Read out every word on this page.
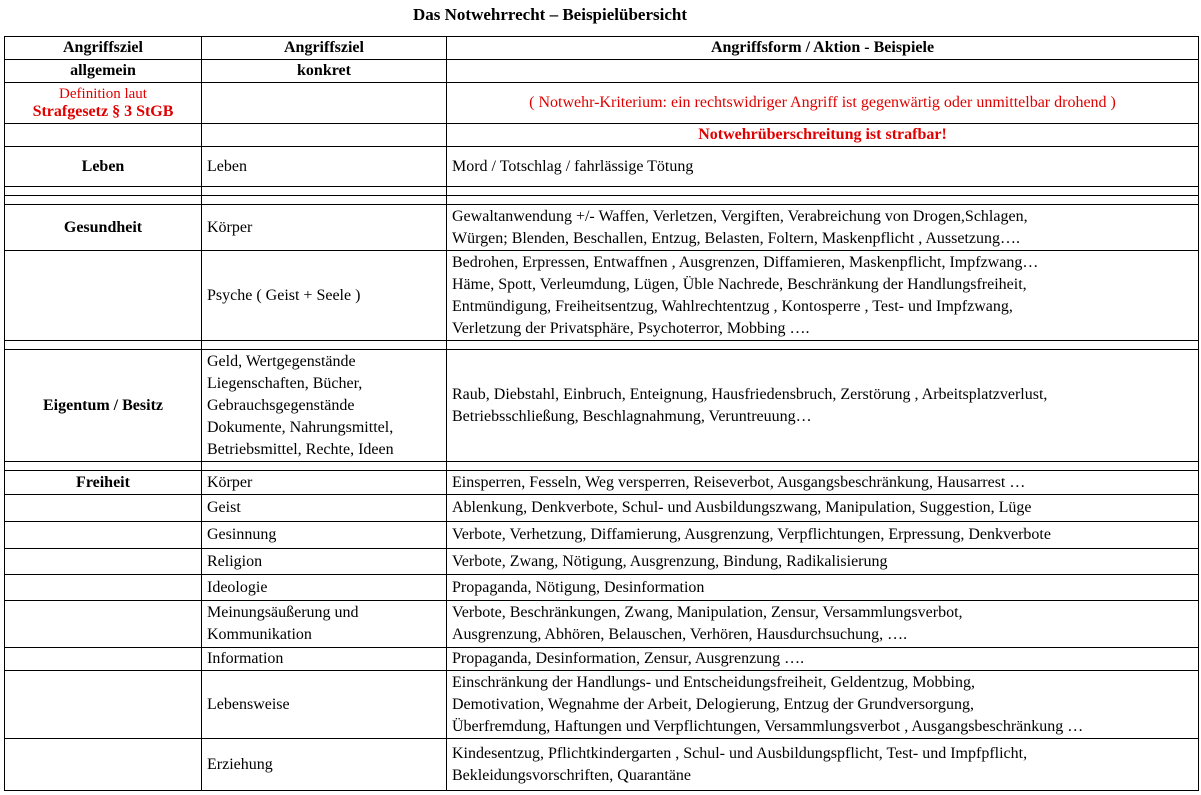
Das Notwehrrecht – Beispielübersicht
Angriffsziel	Angriffsziel	Angriffsform / Aktion - Beispiele
allgemein	konkret	

Definition laut
Strafgesetz § 3 StGB		( Notwehr-Kriterium: ein rechtswidriger Angriff ist gegenwärtig oder unmittelbar drohend )
		Notwehrüberschreitung ist strafbar!
Leben	Leben	Mord / Totschlag / fahrlässige Tötung

Gesundheit	Körper	Gewaltanwendung +/- Waffen, Verletzen, Vergiften, Verabreichung von Drogen,Schlagen,
Würgen; Blenden, Beschallen, Entzug, Belasten, Foltern, Maskenpflicht , Aussetzung….

	Psyche ( Geist + Seele )	Bedrohen, Erpressen, Entwaffnen , Ausgrenzen, Diffamieren, Maskenpflicht, Impfzwang…
Häme, Spott, Verleumdung, Lügen, Üble Nachrede, Beschränkung der Handlungsfreiheit,
Entmündigung, Freiheitsentzug, Wahlrechtentzug , Kontosperre , Test- und Impfzwang,
Verletzung der Privatsphäre, Psychoterror, Mobbing ….

Eigentum / Besitz	Geld, Wertgegenstände
Liegenschaften, Bücher,
Gebrauchsgegenstände
Dokumente, Nahrungsmittel,
Betriebsmittel, Rechte, Ideen	Raub, Diebstahl, Einbruch, Enteignung, Hausfriedensbruch, Zerstörung , Arbeitsplatzverlust,
Betriebsschließung, Beschlagnahmung, Veruntreuung…

Freiheit	Körper	Einsperren, Fesseln, Weg versperren, Reiseverbot, Ausgangsbeschränkung, Hausarrest …
	Geist	Ablenkung, Denkverbote, Schul- und Ausbildungszwang, Manipulation, Suggestion, Lüge
	Gesinnung	Verbote, Verhetzung, Diffamierung, Ausgrenzung, Verpflichtungen, Erpressung, Denkverbote
	Religion	Verbote, Zwang, Nötigung, Ausgrenzung, Bindung, Radikalisierung
	Ideologie	Propaganda, Nötigung, Desinformation

	Meinungsäußerung und
Kommunikation	Verbote, Beschränkungen, Zwang, Manipulation, Zensur, Versammlungsverbot,
Ausgrenzung, Abhören, Belauschen, Verhören, Hausdurchsuchung, ….

	Information	Propaganda, Desinformation, Zensur, Ausgrenzung ….
	Lebensweise	Einschränkung der Handlungs- und Entscheidungsfreiheit, Geldentzug, Mobbing,
Demotivation, Wegnahme der Arbeit, Delogierung, Entzug der Grundversorgung,
Überfremdung, Haftungen und Verpflichtungen, Versammlungsverbot , Ausgangsbeschränkung …

	Erziehung	Kindesentzug, Pflichtkindergarten , Schul- und Ausbildungspflicht, Test- und Impfpflicht,
Bekleidungsvorschriften, Quarantäne
